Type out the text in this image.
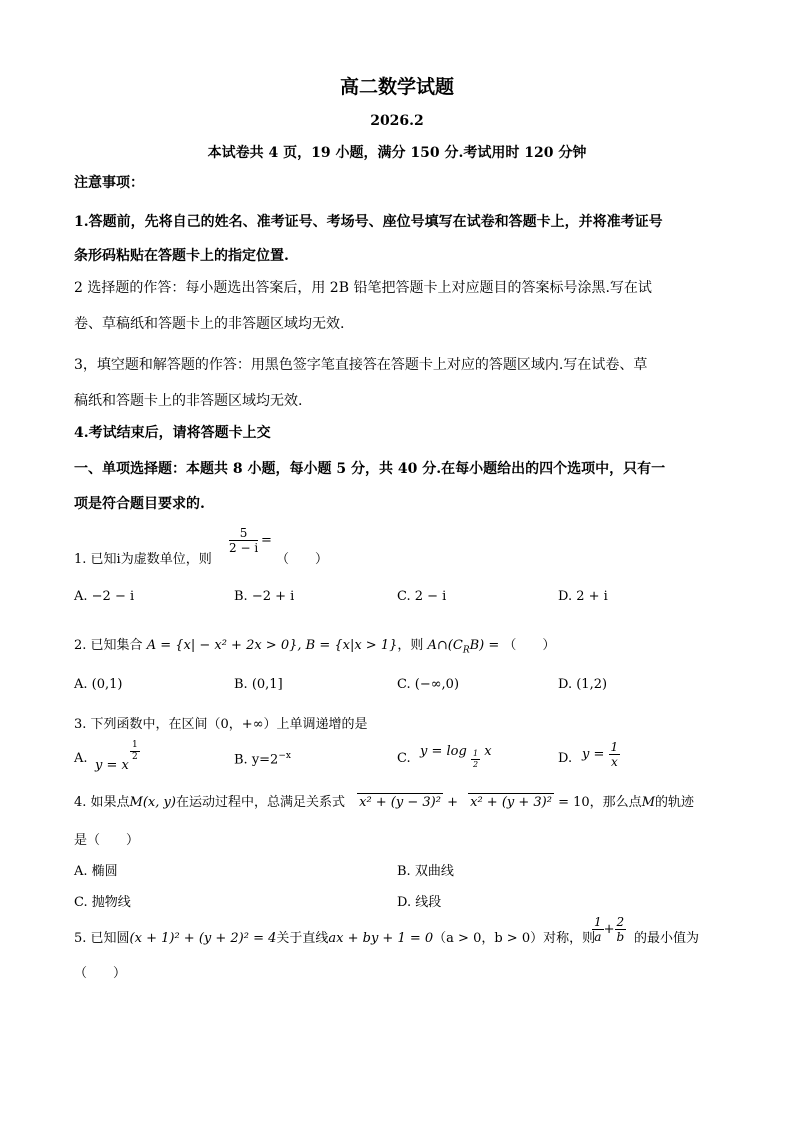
高二数学试题
2026.2
本试卷共 4 页，19 小题，满分 150 分.考试用时 120 分钟
注意事项：
1.答题前，先将自己的姓名、准考证号、考场号、座位号填写在试卷和答题卡上，并将准考证号
条形码粘贴在答题卡上的指定位置.
2 选择题的作答：每小题选出答案后，用 2B 铅笔把答题卡上对应题目的答案标号涂黑.写在试
卷、草稿纸和答题卡上的非答题区域均无效.
3，填空题和解答题的作答：用黑色签字笔直接答在答题卡上对应的答题区域内.写在试卷、草
稿纸和答题卡上的非答题区域均无效.
4.考试结束后，请将答题卡上交
一、单项选择题：本题共 8 小题，每小题 5 分，共 40 分.在每小题给出的四个选项中，只有一
项是符合题目要求的.
1. 已知i为虚数单位，则
$\frac{5}{2 - i}$ =
（　　）
A. −2 − i	B. −2 + i	C. 2 − i	D. 2 + i
2. 已知集合 A = {x| − x² + 2x > 0}, B = {x|x > 1}，则 $A\cap(C_RB)$ = （　　）
A. (0,1)	B. (0,1]	C. (−∞,0)	D. (1,2)
3. 下列函数中，在区间（0，+∞）上单调递增的是
A. y = x
$\frac{1}{2}$	B. $y=2^{-x}$	C. $y = \log \frac{1}{2}$ x	D. $y = \frac{1}{x}$
4. 如果点M(x, y)在运动过程中，总满足关系式 x² + (y − 3)² + x² + (y + 3)² = 10，那么点M的轨迹
是（　　）
A. 椭圆	B. 双曲线
C. 抛物线	D. 线段
5. 已知圆(x + 1)² + (y + 2)² = 4关于直线ax + by + 1 = 0（a > 0，b > 0）对称，则
$\frac{1}{a} + \frac{2}{b}$ 的最小值为
（　　）
